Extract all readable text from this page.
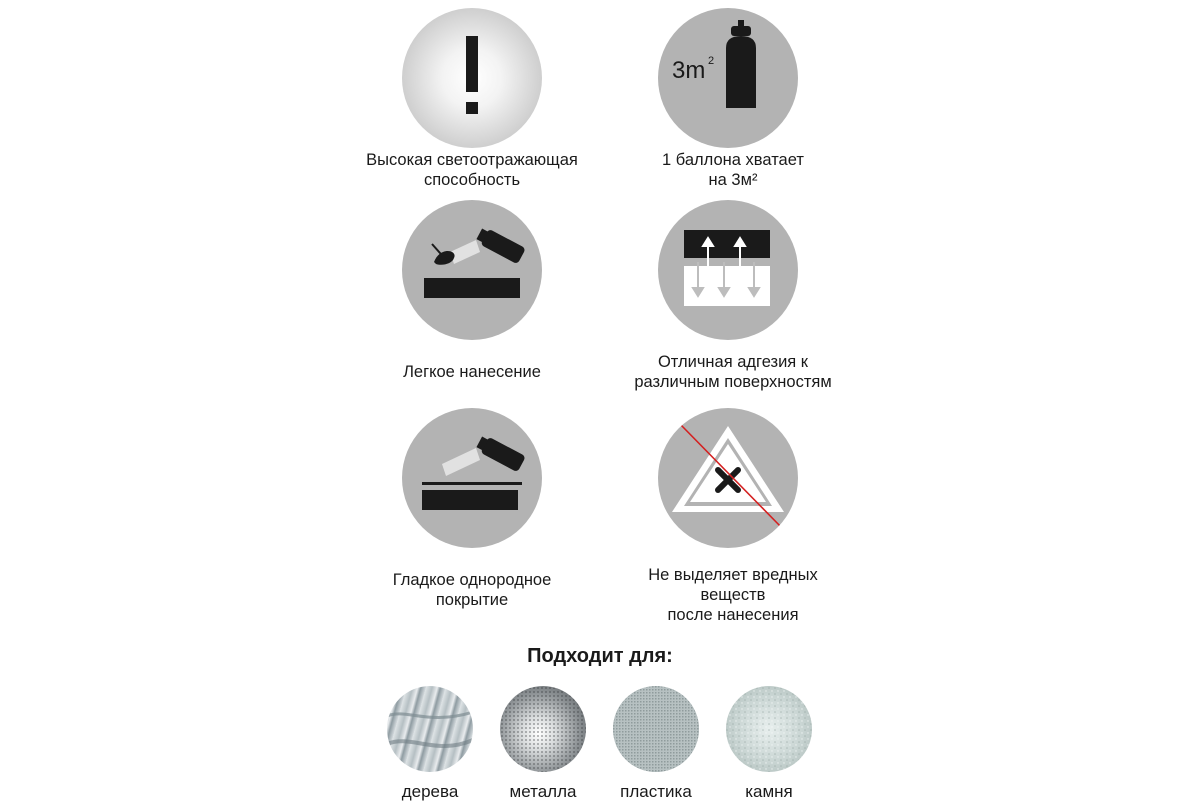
Высокая светоотражающая
способность
3m 2
1 баллона хватает
на 3м²
Легкое нанесение
Отличная адгезия к
различным поверхностям
Гладкое однородное
покрытие
Не выделяет вредных
веществ
после нанесения
Подходит для:
дерева	металла	пластика	камня
